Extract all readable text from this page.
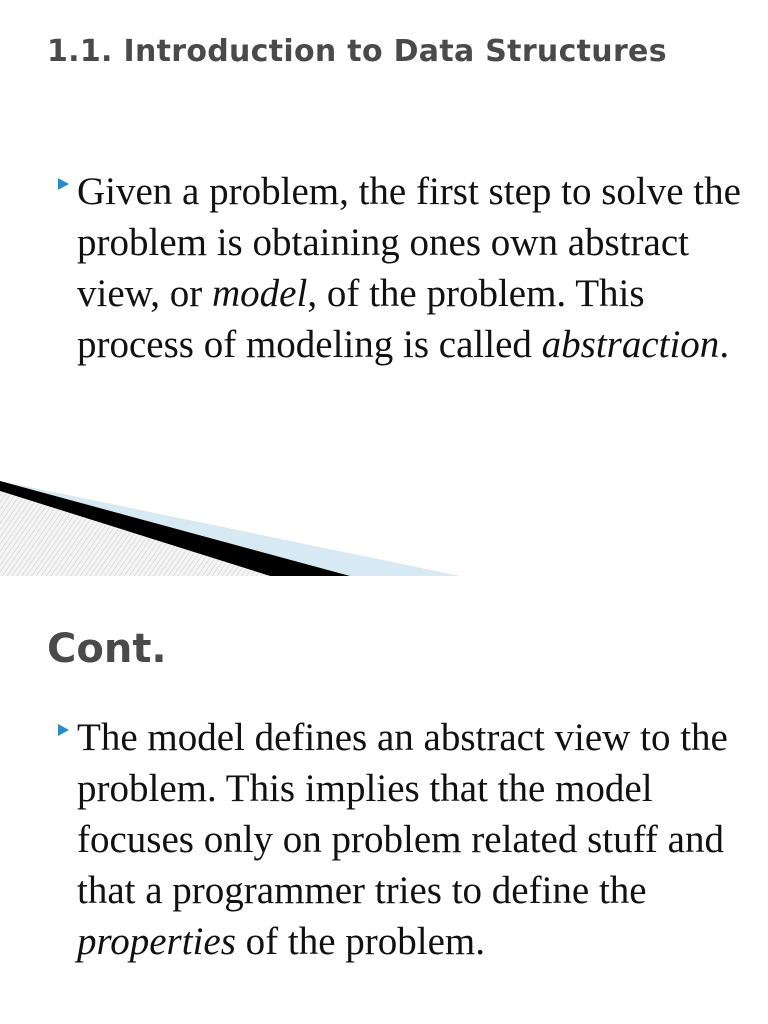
1.1. Introduction to Data Structures

Given a problem, the first step to solve the problem is obtaining ones own abstract view, or model, of the problem. This process of modeling is called abstraction.

Cont.

The model defines an abstract view to the problem. This implies that the model focuses only on problem related stuff and that a programmer tries to define the properties of the problem.
